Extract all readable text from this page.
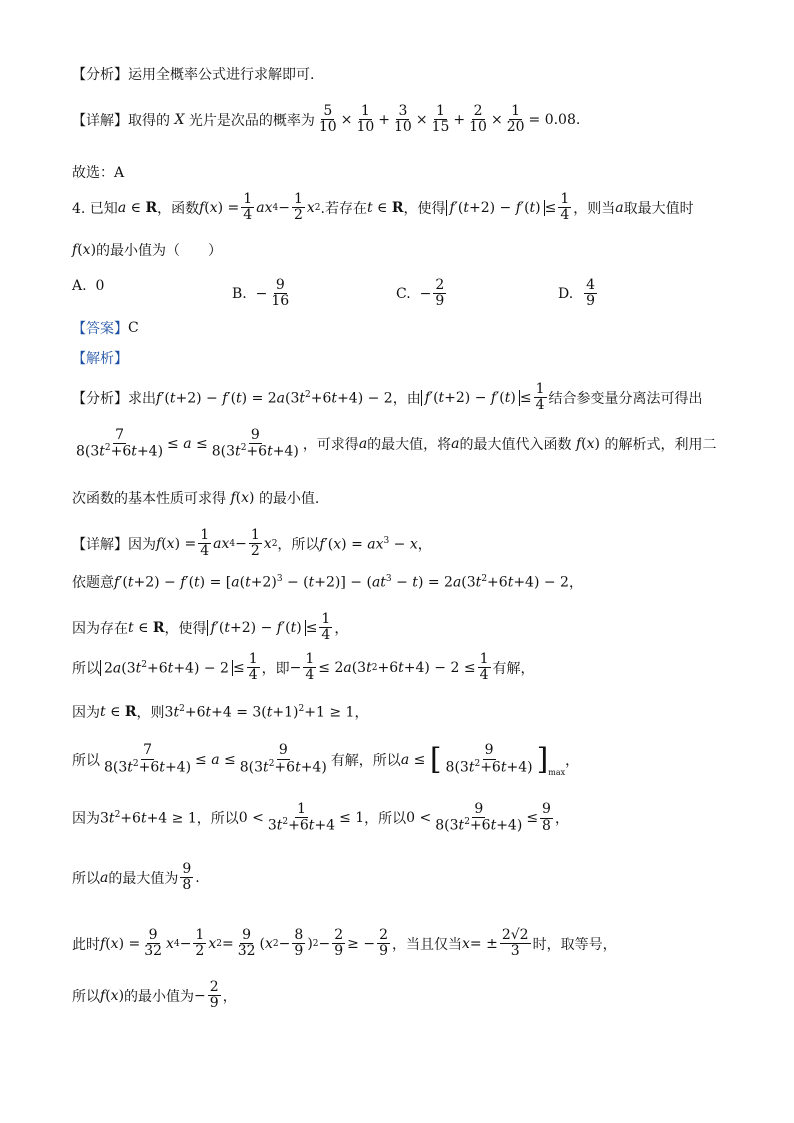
【分析】运用全概率公式进行求解即可.
【详解】取得的 X 光片是次品的概率为
5
10 ×
1
10 +
3
10 ×
1
15 +
2
10 ×
1
20 = 0.08 .
故选：A
4. 已知 a ∈ R ，函数 f ( x ) =
1
4 ax 4 −
1
2 x 2 .若存在 t ∈ R ，使得 f′(t+2) − f′(t) ≤
1
4 ，则当 a 取最大值时
f(x) 的最小值为（　　）
A.
0	B.
− $\frac{9}{16}$	C.
− $\frac{2}{9}$	D.

4
9
【答案】 C
【解析】
【分析】求出 $f'(t+2) - f'(t) = 2a(3t^2+6t+4) - 2$ ，由 f′(t+2) − f′(t) ≤
1
4 结合参变量分离法可得出
7
$8(3t^2+6t+4) \le a$ ≤
9
$8(3t^2+6t+4)$ ，可求得 a 的最大值，将 a 的最大值代入函数 f(x) 的解析式，利用二
次函数的基本性质可求得 f(x) 的最小值.
【详解】因为 f ( x ) =
1
4 ax 4 −
1
2 x 2 ，所以 $f'(x) = ax^3 - x$ ，
依题意 $f'(t+2) - f'(t) = [a(t+2)^3 - (t+2)] - (at^3 - t) = 2a(3t^2+6t+4) - 2$ ，
因为存在 t ∈ R ，使得 f′(t+2) − f′(t) ≤
1
4 ，
所以 $2a(3t^2+6t+4) - 2$ ≤
1
4 ，即 −
1
4 ≤ 2 a (3 t 2 +6 t +4) − 2 ≤
1
4 有解，
因为 t ∈ R ，则 $3t^2+6t+4 = 3(t+1)^2+1 \ge 1$ ，
所以
7
$8(3t^2+6t+4) \le a$ ≤
9
$8(3t^2+6t+4)$ 有解，所以 a ≤ [	9
$8(3t^2+6t+4)$ ] max
，
因为 $3t^2+6t+4 \ge 1$ ，所以 0 <
1
$3t^2+6t+4 \le 1$ ，所以 0 <
9
$8(3t^2+6t+4)$ ≤
9
8 ，
所以 a 的最大值为
9
8 .
此时 f ( x ) =
9
32 x 4 −
1
2 x 2 =
9
32 ( x 2 −
8
9 ) 2 −
2
9 ≥ −
2
9 ，当且仅当 x = ±
2√2
3 时，取等号，
所以 f(x) 的最小值为 −
2
9 ，
